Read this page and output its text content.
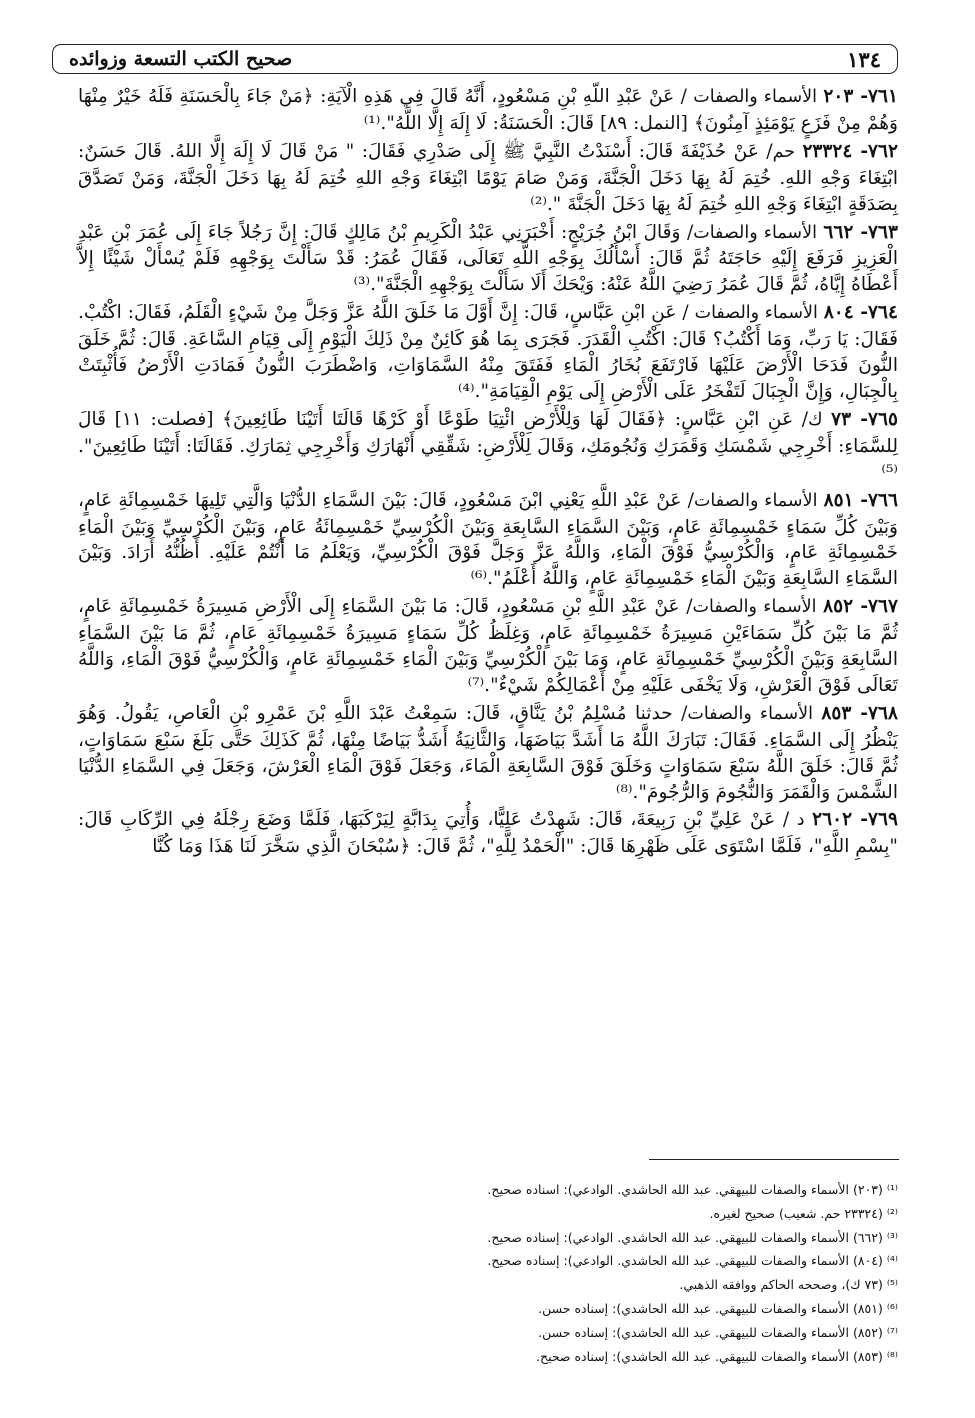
١٣٤
صحيح الكتب التسعة وزوائده

٧٦١- ٢٠٣ الأسماء والصفات / عَنْ عَبْدِ اللّهِ بْنِ مَسْعُودٍ، أَنَّهُ قَالَ فِي هَذِهِ الْآيَةِ: ﴿مَنْ جَاءَ بِالْحَسَنَةِ فَلَهُ خَيْرٌ مِنْهَا وَهُمْ مِنْ فَزَعٍ يَوْمَئِذٍ آمِنُونَ﴾ [النمل: ٨٩] قَالَ: الْحَسَنَةُ: لَا إِلَهَ إِلَّا اللَّهُ".⁽¹⁾

٧٦٢- ٢٣٣٢٤ حم/ عَنْ حُذَيْفَةَ قَالَ: أَسْنَدْتُ النَّبِيَّ ﷺ إِلَى صَدْرِي فَقَالَ: " مَنْ قَالَ لَا إِلَهَ إِلَّا اللهُ. قَالَ حَسَنٌ: ابْتِغَاءَ وَجْهِ اللهِ. خُتِمَ لَهُ بِهَا دَخَلَ الْجَنَّةَ، وَمَنْ صَامَ يَوْمًا ابْتِغَاءَ وَجْهِ اللهِ خُتِمَ لَهُ بِهَا دَخَلَ الْجَنَّةَ، وَمَنْ تَصَدَّقَ بِصَدَقَةٍ ابْتِغَاءَ وَجْهِ اللهِ خُتِمَ لَهُ بِهَا دَخَلَ الْجَنَّةَ ".⁽²⁾

٧٦٣- ٦٦٢ الأسماء والصفات/ وَقَالَ ابْنُ جُرَيْجٍ: أَخْبَرَنِي عَبْدُ الْكَرِيمِ بْنُ مَالِكٍ قَالَ: إِنَّ رَجُلاً جَاءَ إِلَى عُمَرَ بْنِ عَبْدِ الْعَزِيزِ فَرَفَعَ إِلَيْهِ حَاجَتَهُ ثُمَّ قَالَ: أَسْأَلُكَ بِوَجْهِ اللَّهِ تَعَالَى، فَقَالَ عُمَرُ: قَدْ سَأَلْتَ بِوَجْهِهِ فَلَمْ يُسْأَلْ شَيْئًا إِلاَّ أَعْطَاهُ إِيَّاهُ، ثُمَّ قَالَ عُمَرُ رَضِيَ اللَّهُ عَنْهُ: وَيْحَكَ أَلَا سَأَلْتَ بِوَجْهِهِ الْجَنَّةَ".⁽³⁾

٧٦٤- ٨٠٤ الأسماء والصفات / عَنِ ابْنِ عَبَّاسٍ، قَالَ: إِنَّ أَوَّلَ مَا خَلَقَ اللَّهُ عَزَّ وَجَلَّ مِنْ شَيْءٍ الْقَلَمُ، فَقَالَ: اكْتُبْ. فَقَالَ: يَا رَبِّ، وَمَا أَكْتُبُ؟ قَالَ: اكْتُبِ الْقَدَرَ. فَجَرَى بِمَا هُوَ كَائِنٌ مِنْ ذَلِكَ الْيَوْمِ إِلَى قِيَامِ السَّاعَةِ. قَالَ: ثُمَّ خَلَقَ النُّونَ فَدَحَا الْأَرْضَ عَلَيْهَا فَارْتَفَعَ بُخَارُ الْمَاءِ فَفَتَقَ مِنْهُ السَّمَاوَاتِ، وَاضْطَرَبَ النُّونُ فَمَادَتِ الْأَرْضُ فَأُثْبِتَتْ بِالْجِبَالِ، وَإِنَّ الْجِبَالَ لَتَفْخَرُ عَلَى الْأَرْضِ إِلَى يَوْمِ الْقِيَامَةِ".⁽⁴⁾

٧٦٥- ٧٣ ك/ عَنِ ابْنِ عَبَّاسٍ: ﴿فَقَالَ لَهَا وَلِلْأَرْضِ ائْتِيَا طَوْعًا أَوْ كَرْهًا قَالَتَا أَتَيْنَا طَائِعِينَ﴾ [فصلت: ١١] قَالَ لِلسَّمَاءِ: أَخْرِجِي شَمْسَكِ وَقَمَرَكِ وَنُجُومَكِ، وَقَالَ لِلْأَرْضِ: شَقِّقِي أَنْهَارَكِ وَأَخْرِجِي ثِمَارَكِ. فَقَالَتَا: أَتَيْنَا طَائِعِينَ".⁽⁵⁾

٧٦٦- ٨٥١ الأسماء والصفات/ عَنْ عَبْدِ اللَّهِ يَعْنِي ابْنَ مَسْعُودٍ، قَالَ: بَيْنَ السَّمَاءِ الدُّنْيَا وَالَّتِي تَلِيهَا خَمْسِمِائَةِ عَامٍ، وَبَيْنَ كُلِّ سَمَاءٍ خَمْسِمِائَةِ عَامٍ، وَبَيْنَ السَّمَاءِ السَّابِعَةِ وَبَيْنَ الْكُرْسِيِّ خَمْسِمِائَةُ عَامٍ، وَبَيْنَ الْكُرْسِيِّ وَبَيْنَ الْمَاءِ خَمْسِمِائَةِ عَامٍ، وَالْكُرْسِيُّ فَوْقَ الْمَاءِ، وَاللَّهُ عَزَّ وَجَلَّ فَوْقَ الْكُرْسِيِّ، وَيَعْلَمُ مَا أَنْتُمْ عَلَيْهِ. أَظُنُّهُ أَرَادَ. وَبَيْنَ السَّمَاءِ السَّابِعَةِ وَبَيْنَ الْمَاءِ خَمْسِمِائَةِ عَامٍ، وَاللَّهُ أَعْلَمُ".⁽⁶⁾

٧٦٧- ٨٥٢ الأسماء والصفات/ عَنْ عَبْدِ اللَّهِ بْنِ مَسْعُودٍ، قَالَ: مَا بَيْنَ السَّمَاءِ إِلَى الْأَرْضِ مَسِيرَةُ خَمْسِمِائَةِ عَامٍ، ثُمَّ مَا بَيْنَ كُلِّ سَمَاءَيْنِ مَسِيرَةُ خَمْسِمِائَةِ عَامٍ، وَغِلَظُ كُلِّ سَمَاءٍ مَسِيرَةُ خَمْسِمِائَةِ عَامٍ، ثُمَّ مَا بَيْنَ السَّمَاءِ السَّابِعَةِ وَبَيْنَ الْكُرْسِيِّ خَمْسِمِائَةِ عَامٍ، وَمَا بَيْنَ الْكُرْسِيِّ وَبَيْنَ الْمَاءِ خَمْسِمِائَةِ عَامٍ، وَالْكُرْسِيُّ فَوْقَ الْمَاءِ، وَاللَّهُ تَعَالَى فَوْقَ الْعَرْشِ، وَلَا يَخْفَى عَلَيْهِ مِنْ أَعْمَالِكُمْ شَيْءٌ".⁽⁷⁾

٧٦٨- ٨٥٣ الأسماء والصفات/ حدثنا مُسْلِمُ بْنُ يَنَّاقٍ، قَالَ: سَمِعْتُ عَبْدَ اللَّهِ بْنَ عَمْرِو بْنِ الْعَاصِ، يَقُولُ. وَهُوَ يَنْظُرُ إِلَى السَّمَاءِ. فَقَالَ: تَبَارَكَ اللَّهُ مَا أَشَدَّ بَيَاضَهَا، وَالثَّانِيَةُ أَشَدُّ بَيَاضًا مِنْهَا، ثُمَّ كَذَلِكَ حَتَّى بَلَغَ سَبْعَ سَمَاوَاتٍ، ثُمَّ قَالَ: خَلَقَ اللَّهُ سَبْعَ سَمَاوَاتٍ وَخَلَقَ فَوْقَ السَّابِعَةِ الْمَاءَ، وَجَعَلَ فَوْقَ الْمَاءِ الْعَرْشَ، وَجَعَلَ فِي السَّمَاءِ الدُّنْيَا الشَّمْسَ وَالْقَمَرَ وَالنُّجُومَ وَالرُّجُومَ".⁽⁸⁾

٧٦٩- ٢٦٠٢ د / عَنْ عَلِيِّ بْنِ رَبِيعَةَ، قَالَ: شَهِدْتُ عَلِيًّا، وَأُتِيَ بِدَابَّةٍ لِيَرْكَبَهَا، فَلَمَّا وَضَعَ رِجْلَهُ فِي الرِّكَابِ قَالَ: "بِسْمِ اللَّهِ"، فَلَمَّا اسْتَوَى عَلَى ظَهْرِهَا قَالَ: "الْحَمْدُ لِلَّهِ"، ثُمَّ قَالَ: ﴿سُبْحَانَ الَّذِي سَخَّرَ لَنَا هَذَا وَمَا كُنَّا

⁽¹⁾ (٢٠٣) الأسماء والصفات للبيهقي. عبد الله الحاشدي. الوادعي): اسناده صحيح.
⁽²⁾ (٢٣٣٢٤ حم. شعيب) صحيح لغيره.
⁽³⁾ (٦٦٢) الأسماء والصفات للبيهقي. عبد الله الحاشدي. الوادعي): إسناده صحيح.
⁽⁴⁾ (٨٠٤) الأسماء والصفات للبيهقي. عبد الله الحاشدي. الوادعي): إسناده صحيح.
⁽⁵⁾ (٧٣ ك)، وصححه الحاكم ووافقه الذهبي.
⁽⁶⁾ (٨٥١) الأسماء والصفات للبيهقي. عبد الله الحاشدي): إسناده حسن.
⁽⁷⁾ (٨٥٢) الأسماء والصفات للبيهقي. عبد الله الحاشدي): إسناده حسن.
⁽⁸⁾ (٨٥٣) الأسماء والصفات للبيهقي. عبد الله الحاشدي): إسناده صحيح.
